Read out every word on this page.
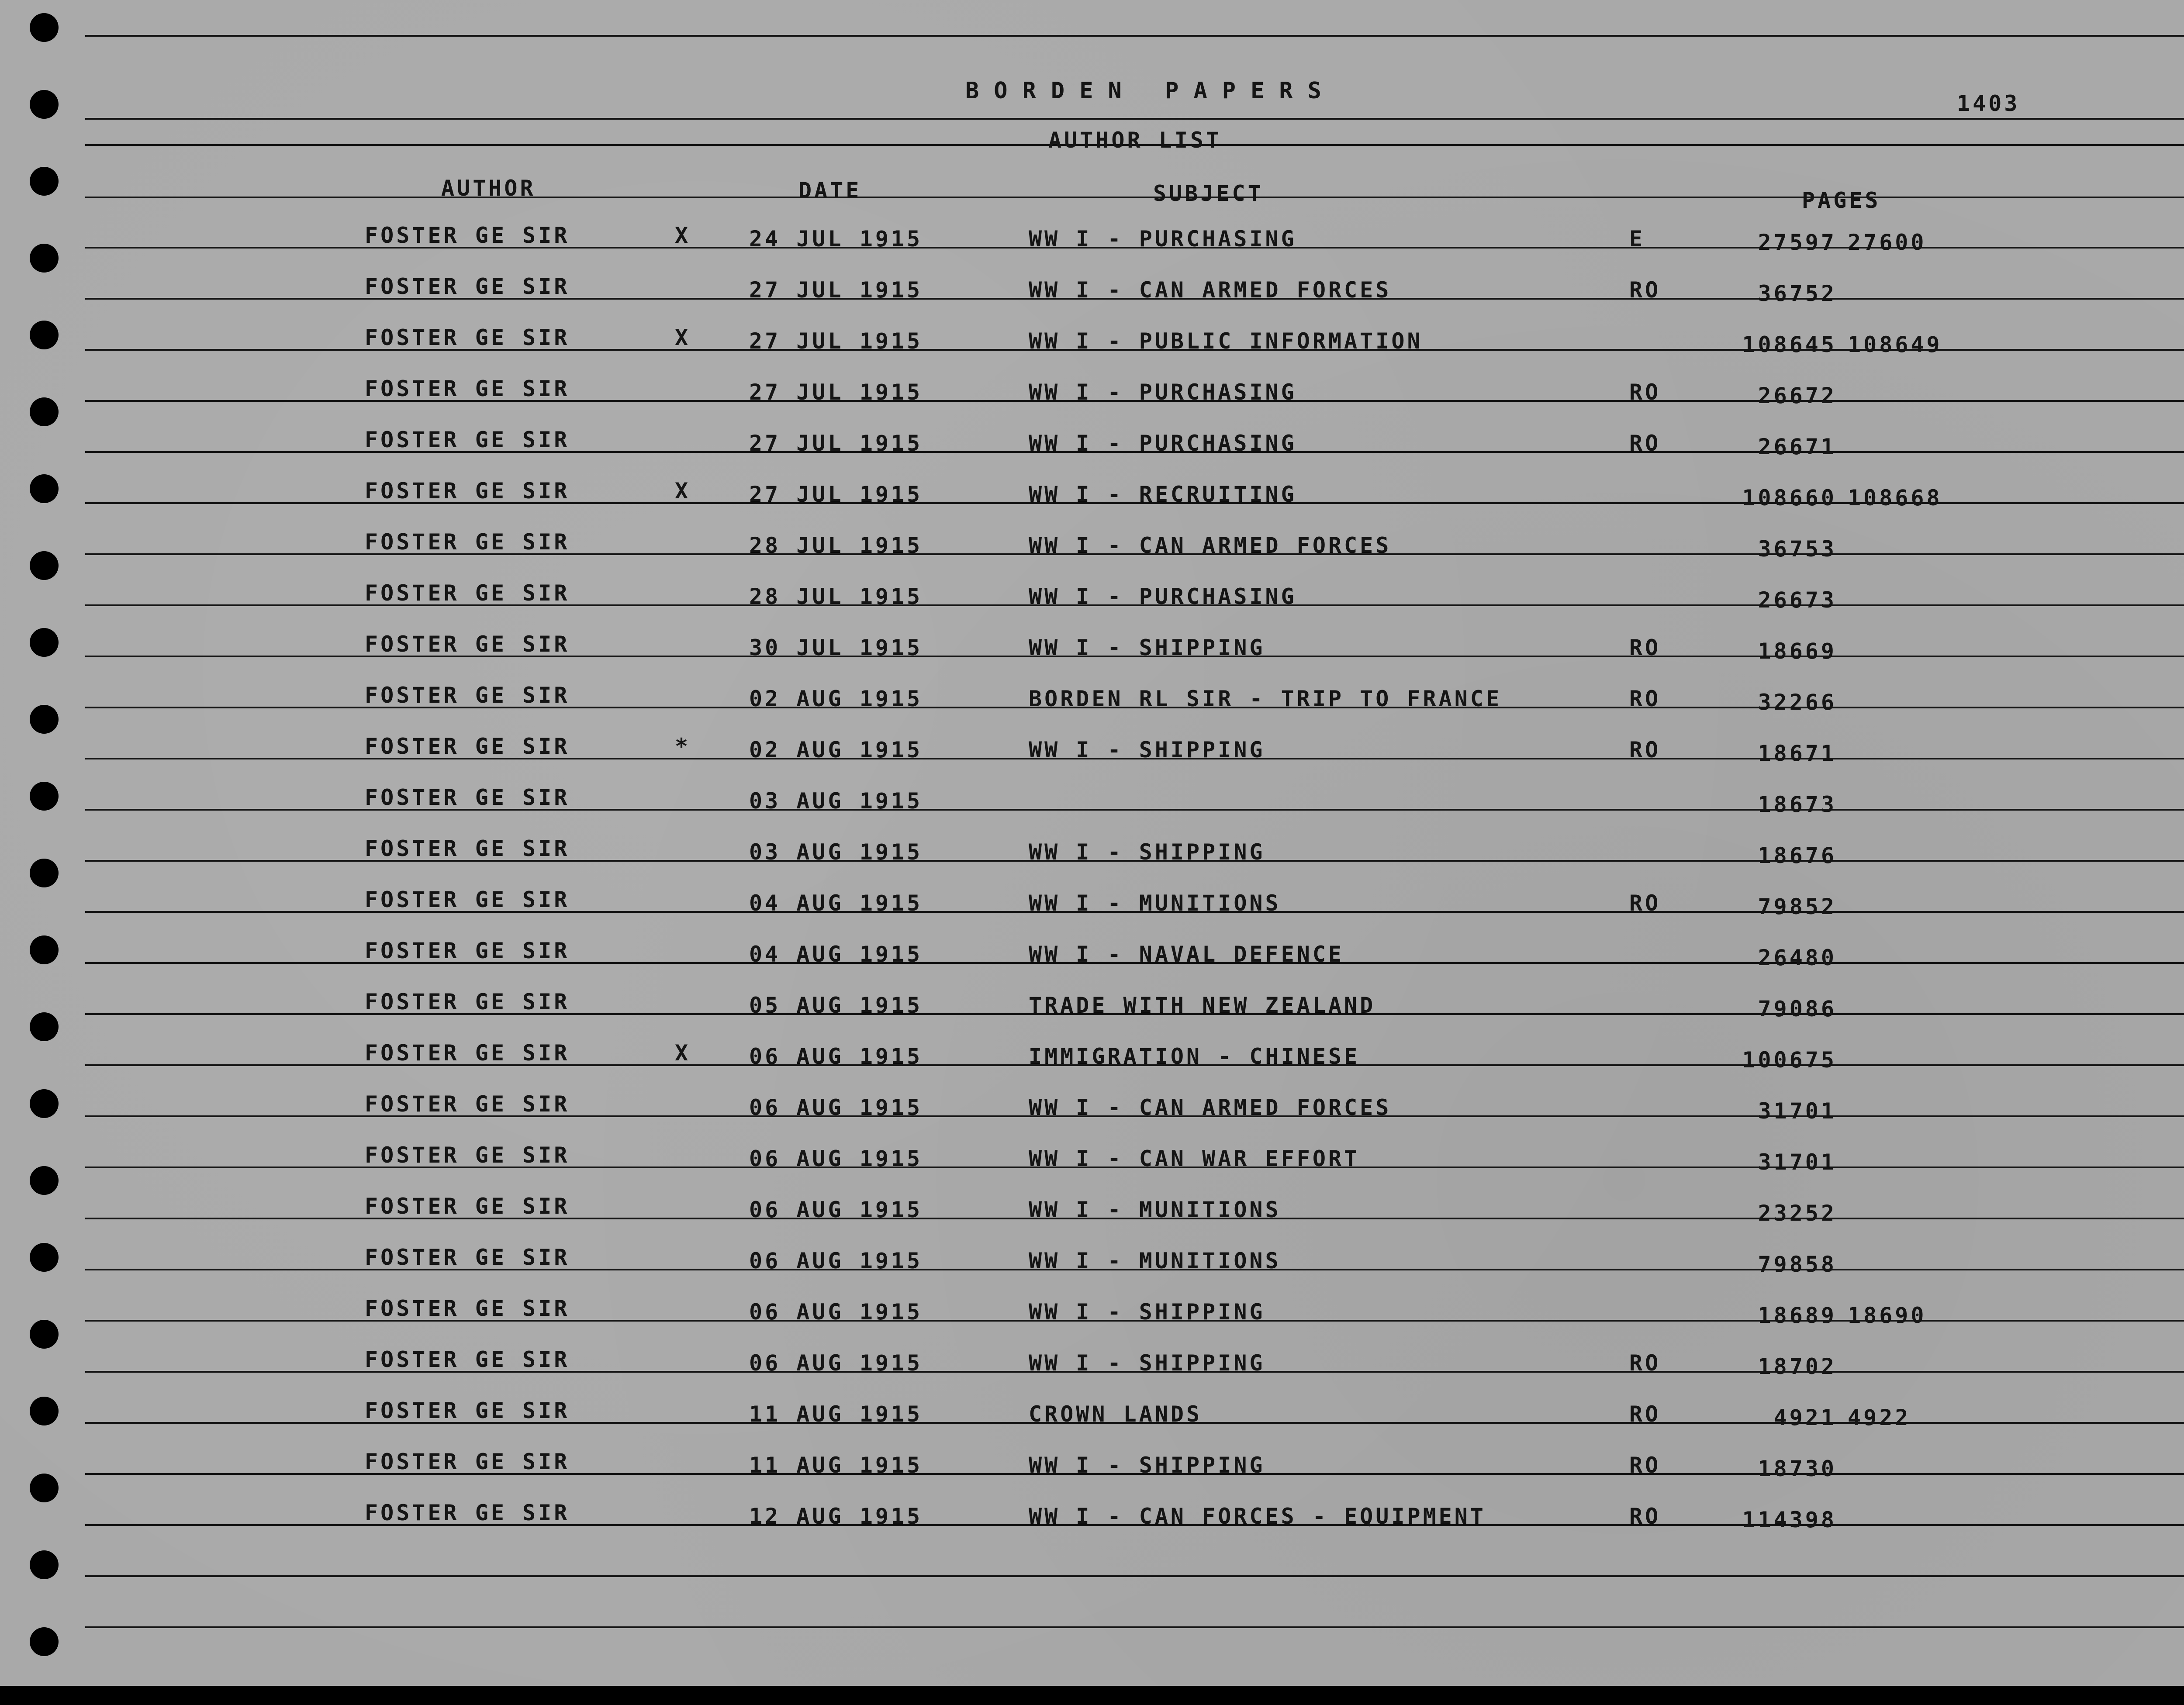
BORDEN PAPERS
AUTHOR LIST
1403
AUTHOR	DATE	SUBJECT	PAGES
FOSTER GE SIR	X	24 JUL 1915	WW I - PURCHASING	E	27597 27600
FOSTER GE SIR	27 JUL 1915	WW I - CAN ARMED FORCES	RO	36752
FOSTER GE SIR	X	27 JUL 1915	WW I - PUBLIC INFORMATION	108645 108649
FOSTER GE SIR	27 JUL 1915	WW I - PURCHASING	RO	26672
FOSTER GE SIR	27 JUL 1915	WW I - PURCHASING	RO	26671
FOSTER GE SIR	X	27 JUL 1915	WW I - RECRUITING	108660 108668
FOSTER GE SIR	28 JUL 1915	WW I - CAN ARMED FORCES	36753
FOSTER GE SIR	28 JUL 1915	WW I - PURCHASING	26673
FOSTER GE SIR	30 JUL 1915	WW I - SHIPPING	RO	18669
FOSTER GE SIR	02 AUG 1915	BORDEN RL SIR - TRIP TO FRANCE	RO	32266
FOSTER GE SIR	*	02 AUG 1915	WW I - SHIPPING	RO	18671
FOSTER GE SIR	03 AUG 1915	18673
FOSTER GE SIR	03 AUG 1915	WW I - SHIPPING	18676
FOSTER GE SIR	04 AUG 1915	WW I - MUNITIONS	RO	79852
FOSTER GE SIR	04 AUG 1915	WW I - NAVAL DEFENCE	26480
FOSTER GE SIR	05 AUG 1915	TRADE WITH NEW ZEALAND	79086
FOSTER GE SIR	X	06 AUG 1915	IMMIGRATION - CHINESE	100675
FOSTER GE SIR	06 AUG 1915	WW I - CAN ARMED FORCES	31701
FOSTER GE SIR	06 AUG 1915	WW I - CAN WAR EFFORT	31701
FOSTER GE SIR	06 AUG 1915	WW I - MUNITIONS	23252
FOSTER GE SIR	06 AUG 1915	WW I - MUNITIONS	79858
FOSTER GE SIR	06 AUG 1915	WW I - SHIPPING	18689 18690
FOSTER GE SIR	06 AUG 1915	WW I - SHIPPING	RO	18702
FOSTER GE SIR	11 AUG 1915	CROWN LANDS	RO	4921 4922
FOSTER GE SIR	11 AUG 1915	WW I - SHIPPING	RO	18730
FOSTER GE SIR	12 AUG 1915	WW I - CAN FORCES - EQUIPMENT	RO	114398
